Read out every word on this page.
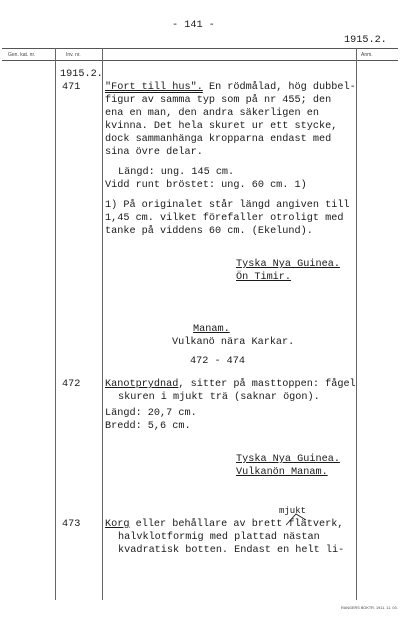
- 141 -
1915.2.
Gen. kat. nr.	Inv. nr.	Anm.
1915.2.
471 "Fort till hus". En rödmålad, hög dubbel-
figur av samma typ som på nr 455; den
ena en man, den andra säkerligen en
kvinna. Det hela skuret ur ett stycke,
dock sammanhänga kropparna endast med
sina övre delar.
Längd: ung. 145 cm.
Vidd runt bröstet: ung. 60 cm. 1)
1) På originalet står längd angiven till
1,45 cm. vilket förefaller otroligt med
tanke på viddens 60 cm. (Ekelund).
Tyska Nya Guinea.
Ön Timir.
Manam.
Vulkanö nära Karkar.
472 - 474
472 Kanotprydnad, sitter på masttoppen: fågel
skuren i mjukt trä (saknar ögon).
Längd: 20,7 cm.
Bredd: 5,6 cm.
Tyska Nya Guinea.
Vulkanön Manam.
mjukt
473 Korg eller behållare av brett flätverk,
halvklotformig med plattad nästan
kvadratisk botten. Endast en helt li-
RANGERS BOKTR. 1911. 11. 03.
